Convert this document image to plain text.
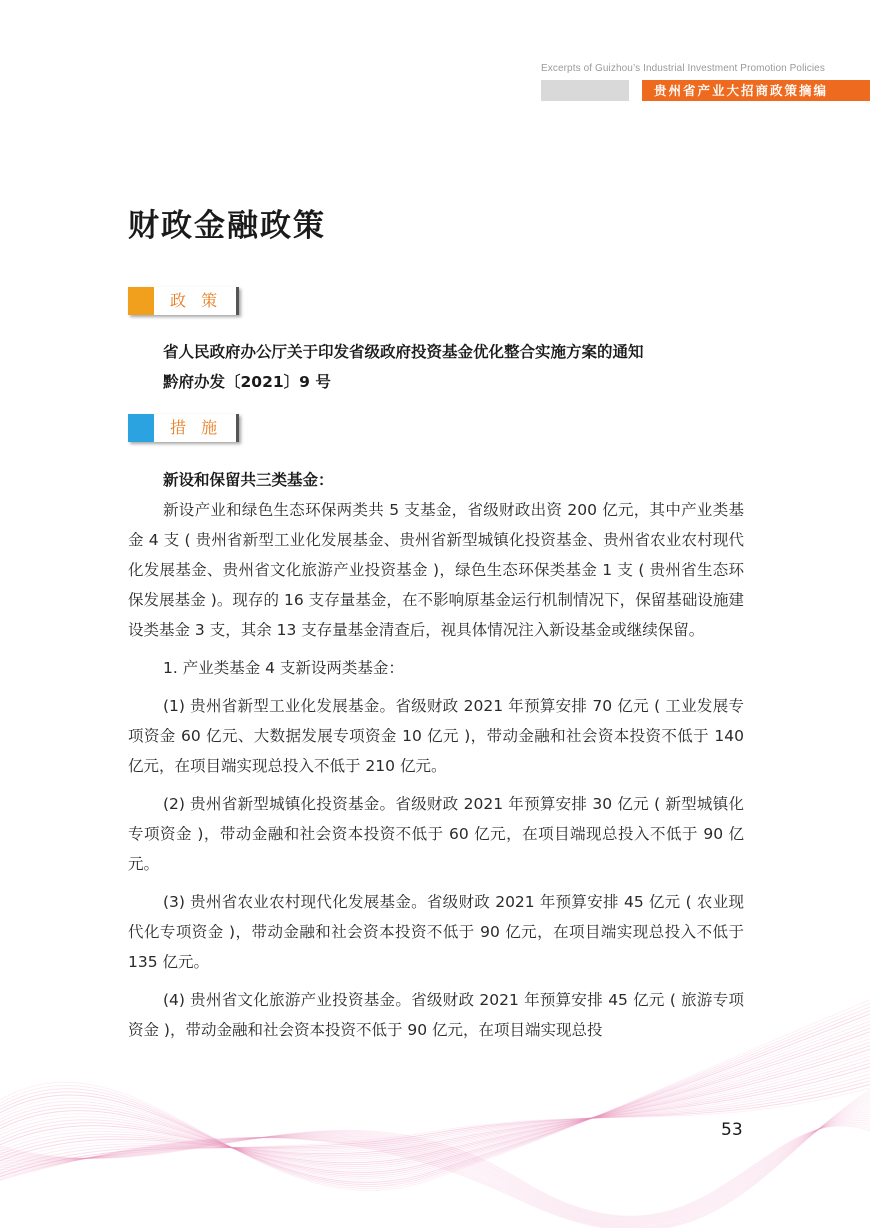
Excerpts of Guizhou’s Industrial Investment Promotion Policies
贵州省产业大招商政策摘编
财政金融政策
政 策
省人民政府办公厅关于印发省级政府投资基金优化整合实施方案的通知
黔府办发〔2021〕9 号
措 施

新设和保留共三类基金：

新设产业和绿色生态环保两类共 5 支基金，省级财政出资 200 亿元，其中产业类基金 4 支 ( 贵州省新型工业化发展基金、贵州省新型城镇化投资基金、贵州省农业农村现代化发展基金、贵州省文化旅游产业投资基金 )，绿色生态环保类基金 1 支 ( 贵州省生态环保发展基金 )。现存的 16 支存量基金，在不影响原基金运行机制情况下，保留基础设施建设类基金 3 支，其余 13 支存量基金清查后，视具体情况注入新设基金或继续保留。

1. 产业类基金 4 支新设两类基金：

(1) 贵州省新型工业化发展基金。省级财政 2021 年预算安排 70 亿元 ( 工业发展专项资金 60 亿元、大数据发展专项资金 10 亿元 )，带动金融和社会资本投资不低于 140 亿元，在项目端实现总投入不低于 210 亿元。

(2) 贵州省新型城镇化投资基金。省级财政 2021 年预算安排 30 亿元 ( 新型城镇化专项资金 )，带动金融和社会资本投资不低于 60 亿元，在项目端现总投入不低于 90 亿元。

(3) 贵州省农业农村现代化发展基金。省级财政 2021 年预算安排 45 亿元 ( 农业现代化专项资金 )，带动金融和社会资本投资不低于 90 亿元，在项目端实现总投入不低于 135 亿元。

(4) 贵州省文化旅游产业投资基金。省级财政 2021 年预算安排 45 亿元 ( 旅游专项资金 )，带动金融和社会资本投资不低于 90 亿元，在项目端实现总投

53
